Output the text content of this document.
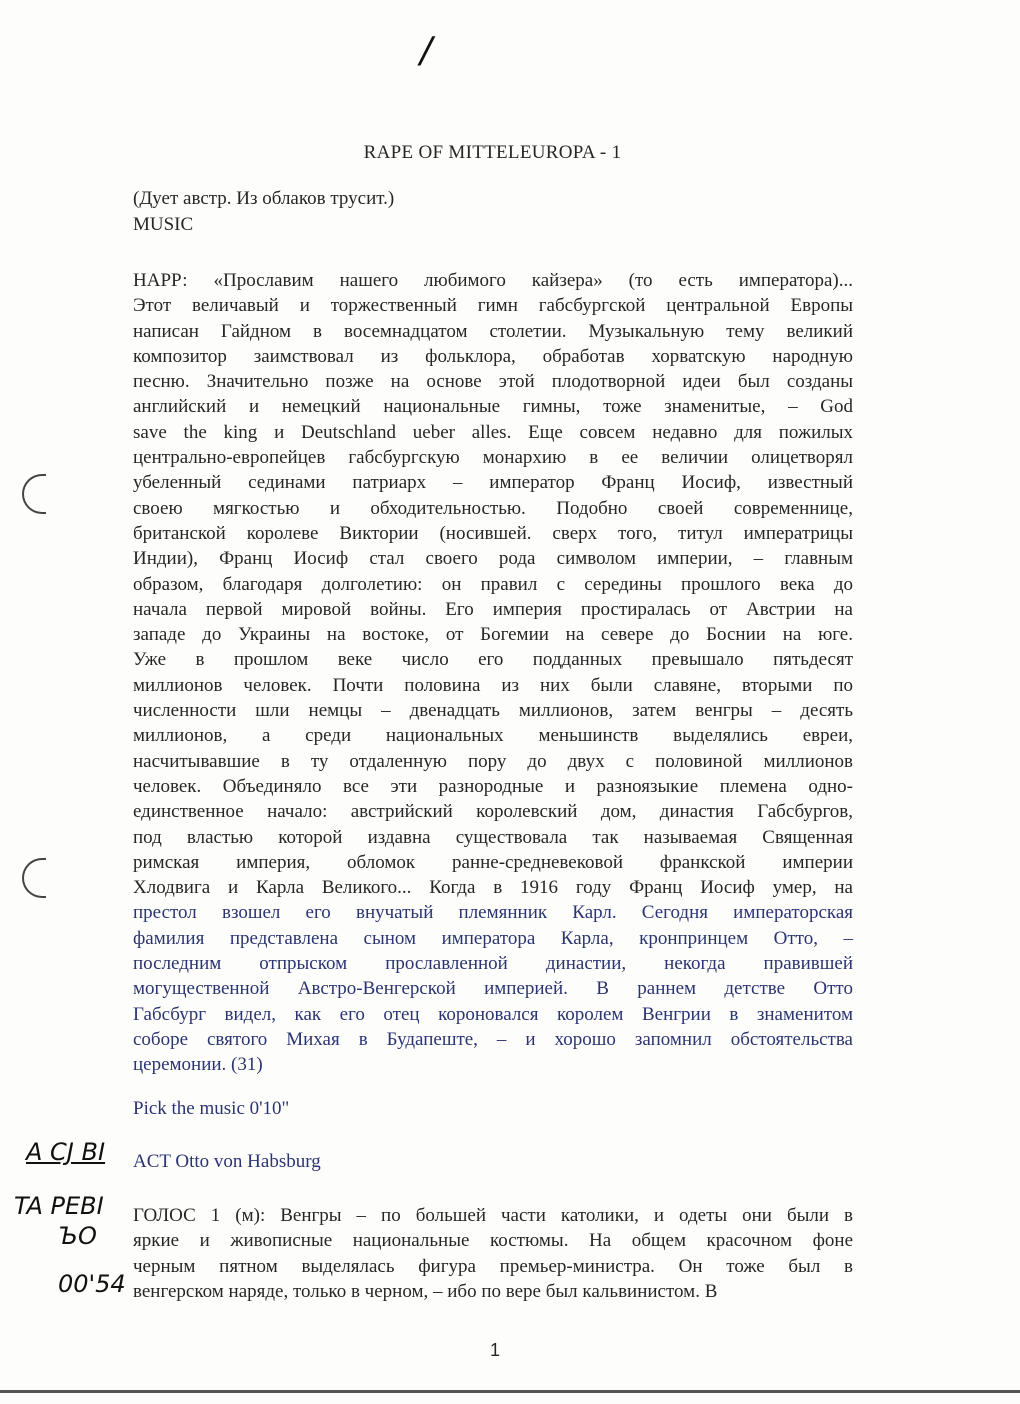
/
RAPE OF MITTELEUROPA - 1
(Дует австр. Из облаков трусит.)
MUSIC
НАРР: «Прославим нашего любимого кайзера» (то есть императора)...
Этот величавый и торжественный гимн габсбургской центральной Европы
написан Гайдном в восемнадцатом столетии. Музыкальную тему великий
композитор заимствовал из фольклора, обработав хорватскую народную
песню. Значительно позже на основе этой плодотворной идеи был созданы
английский и немецкий национальные гимны, тоже знаменитые, – God
save the king и Deutschland ueber alles. Еще совсем недавно для пожилых
центрально-европейцев габсбургскую монархию в ее величии олицетворял
убеленный сединами патриарх – император Франц Иосиф, известный
своею мягкостью и обходительностью. Подобно своей современнице,
британской королеве Виктории (носившей. сверх того, титул императрицы
Индии), Франц Иосиф стал своего рода символом империи, – главным
образом, благодаря долголетию: он правил с середины прошлого века до
начала первой мировой войны. Его империя простиралась от Австрии на
западе до Украины на востоке, от Богемии на севере до Боснии на юге.
Уже в прошлом веке число его подданных превышало пятьдесят
миллионов человек. Почти половина из них были славяне, вторыми по
численности шли немцы – двенадцать миллионов, затем венгры – десять
миллионов, а среди национальных меньшинств выделялись евреи,
насчитывавшие в ту отдаленную пору до двух с половиной миллионов
человек. Объединяло все эти разнородные и разноязыкие племена одно-
единственное начало: австрийский королевский дом, династия Габсбургов,
под властью которой издавна существовала так называемая Священная
римская империя, обломок ранне-средневековой франкской империи
Хлодвига и Карла Великого... Когда в 1916 году Франц Иосиф умер, на
престол взошел его внучатый племянник Карл. Сегодня императорская
фамилия представлена сыном императора Карла, кронпринцем Отто, –
последним отпрыском прославленной династии, некогда правившей
могущественной Австро-Венгерской империей. В раннем детстве Отто
Габсбург видел, как его отец короновался королем Венгрии в знаменитом
соборе святого Михая в Будапеште, – и хорошо запомнил обстоятельства
церемонии. (31)
Pick the music 0'10"
ACT Otto von Habsburg
ГОЛОС 1 (м): Венгры – по большей части католики, и одеты они были в
яркие и живописные национальные костюмы. На общем красочном фоне
черным пятном выделялась фигура премьер-министра. Он тоже был в
венгерском наряде, только в черном, – ибо по вере был кальвинистом. В
A CJ BI
TA PEBI
ЪО
00'54
1
